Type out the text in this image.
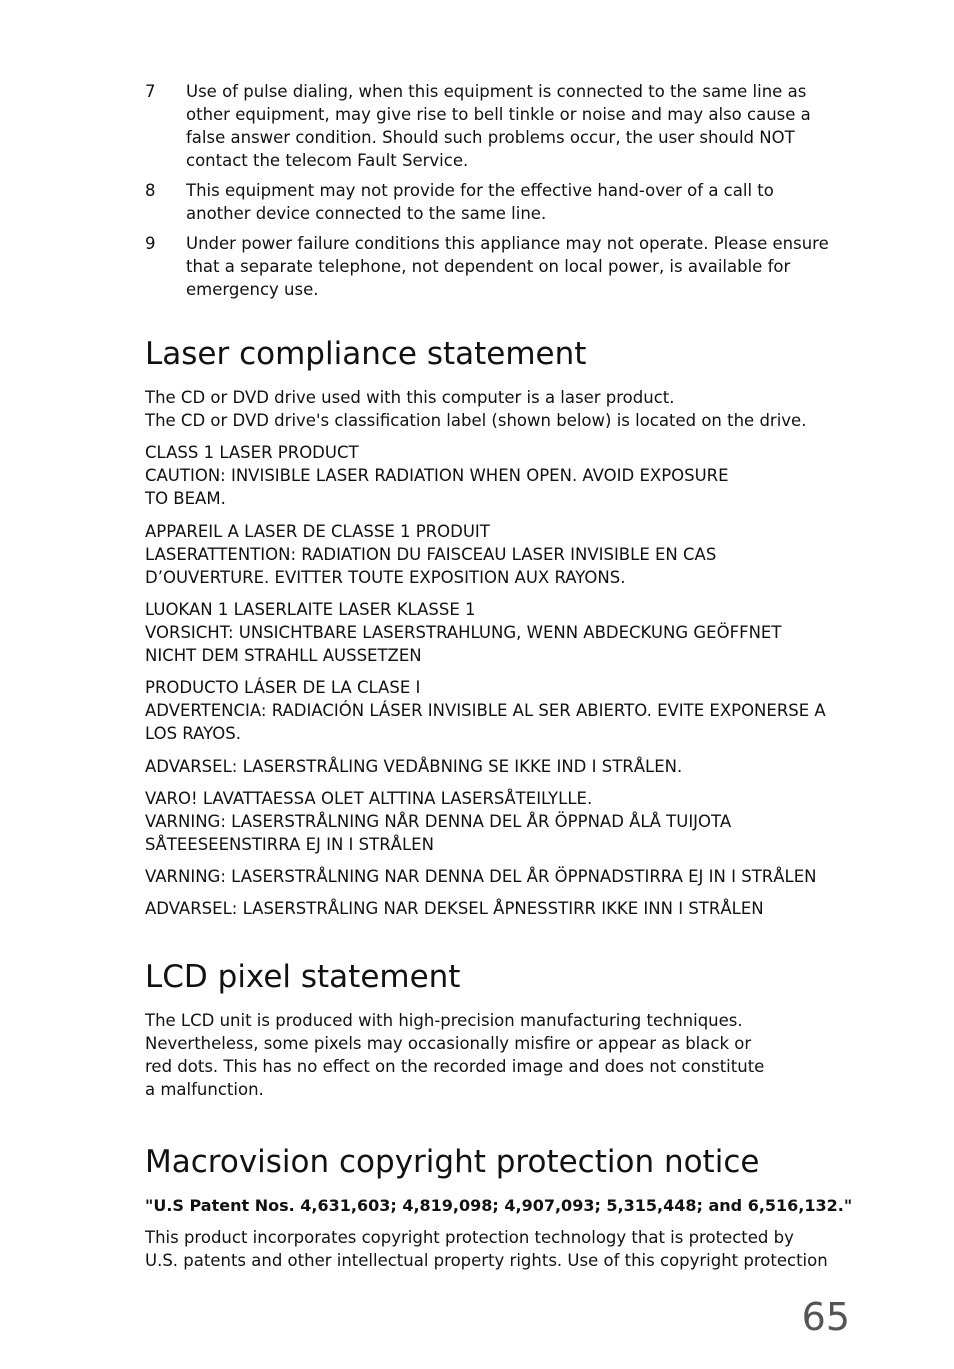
7	Use of pulse dialing, when this equipment is connected to the same line as
other equipment, may give rise to bell tinkle or noise and may also cause a
false answer condition. Should such problems occur, the user should NOT
contact the telecom Fault Service.
8	This equipment may not provide for the effective hand-over of a call to
another device connected to the same line.
9	Under power failure conditions this appliance may not operate. Please ensure
that a separate telephone, not dependent on local power, is available for
emergency use.
Laser compliance statement

The CD or DVD drive used with this computer is a laser product.
The CD or DVD drive's classification label (shown below) is located on the drive.

CLASS 1 LASER PRODUCT
CAUTION: INVISIBLE LASER RADIATION WHEN OPEN. AVOID EXPOSURE
TO BEAM.

APPAREIL A LASER DE CLASSE 1 PRODUIT
LASERATTENTION: RADIATION DU FAISCEAU LASER INVISIBLE EN CAS
D’OUVERTURE. EVITTER TOUTE EXPOSITION AUX RAYONS.

LUOKAN 1 LASERLAITE LASER KLASSE 1
VORSICHT: UNSICHTBARE LASERSTRAHLUNG, WENN ABDECKUNG GEÖFFNET
NICHT DEM STRAHLL AUSSETZEN

PRODUCTO LÁSER DE LA CLASE I
ADVERTENCIA: RADIACIÓN LÁSER INVISIBLE AL SER ABIERTO. EVITE EXPONERSE A
LOS RAYOS.

ADVARSEL: LASERSTRÅLING VEDÅBNING SE IKKE IND I STRÅLEN.

VARO! LAVATTAESSA OLET ALTTINA LASERSÅTEILYLLE.
VARNING: LASERSTRÅLNING NÅR DENNA DEL ÅR ÖPPNAD ÅLÅ TUIJOTA
SÅTEESEENSTIRRA EJ IN I STRÅLEN

VARNING: LASERSTRÅLNING NAR DENNA DEL ÅR ÖPPNADSTIRRA EJ IN I STRÅLEN

ADVARSEL: LASERSTRÅLING NAR DEKSEL ÅPNESSTIRR IKKE INN I STRÅLEN

LCD pixel statement

The LCD unit is produced with high-precision manufacturing techniques.
Nevertheless, some pixels may occasionally misfire or appear as black or
red dots. This has no effect on the recorded image and does not constitute
a malfunction.

Macrovision copyright protection notice

"U.S Patent Nos. 4,631,603; 4,819,098; 4,907,093; 5,315,448; and 6,516,132."

This product incorporates copyright protection technology that is protected by
U.S. patents and other intellectual property rights. Use of this copyright protection

65
